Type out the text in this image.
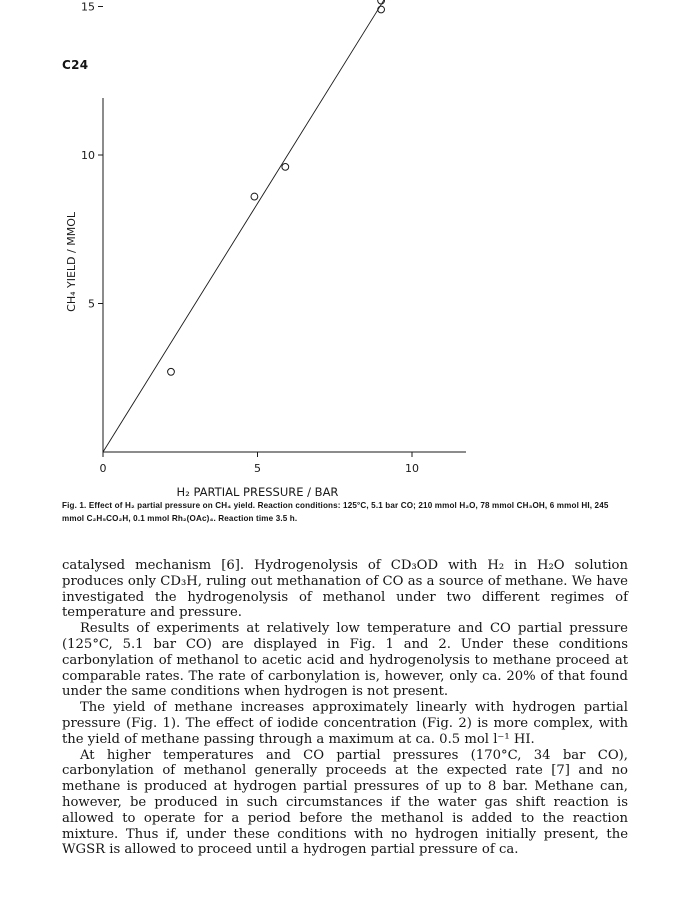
C24
0	5	10
5
10
15
H₂ PARTIAL PRESSURE / BAR
CH₄ YIELD / MMOL
Fig. 1. Effect of H₂ partial pressure on CH₄ yield. Reaction conditions: 125°C, 5.1 bar CO; 210 mmol H₂O, 78 mmol CH₃OH, 6 mmol HI, 245 mmol C₂H₅CO₂H, 0.1 mmol Rh₂(OAc)₄. Reaction time 3.5 h.

catalysed mechanism [6]. Hydrogenolysis of CD₃OD with H₂ in H₂O solution produces only CD₃H, ruling out methanation of CO as a source of methane. We have investigated the hydrogenolysis of methanol under two different regimes of temperature and pressure.

Results of experiments at relatively low temperature and CO partial pressure (125°C, 5.1 bar CO) are displayed in Fig. 1 and 2. Under these conditions carbonylation of methanol to acetic acid and hydrogenolysis to methane proceed at comparable rates. The rate of carbonylation is, however, only ca. 20% of that found under the same conditions when hydrogen is not present.

The yield of methane increases approximately linearly with hydrogen partial pressure (Fig. 1). The effect of iodide concentration (Fig. 2) is more complex, with the yield of methane passing through a maximum at ca. 0.5 mol l⁻¹ HI.

At higher temperatures and CO partial pressures (170°C, 34 bar CO), carbonylation of methanol generally proceeds at the expected rate [7] and no methane is produced at hydrogen partial pressures of up to 8 bar. Methane can, however, be produced in such circumstances if the water gas shift reaction is allowed to operate for a period before the methanol is added to the reaction mixture. Thus if, under these conditions with no hydrogen initially present, the WGSR is allowed to proceed until a hydrogen partial pressure of ca.
